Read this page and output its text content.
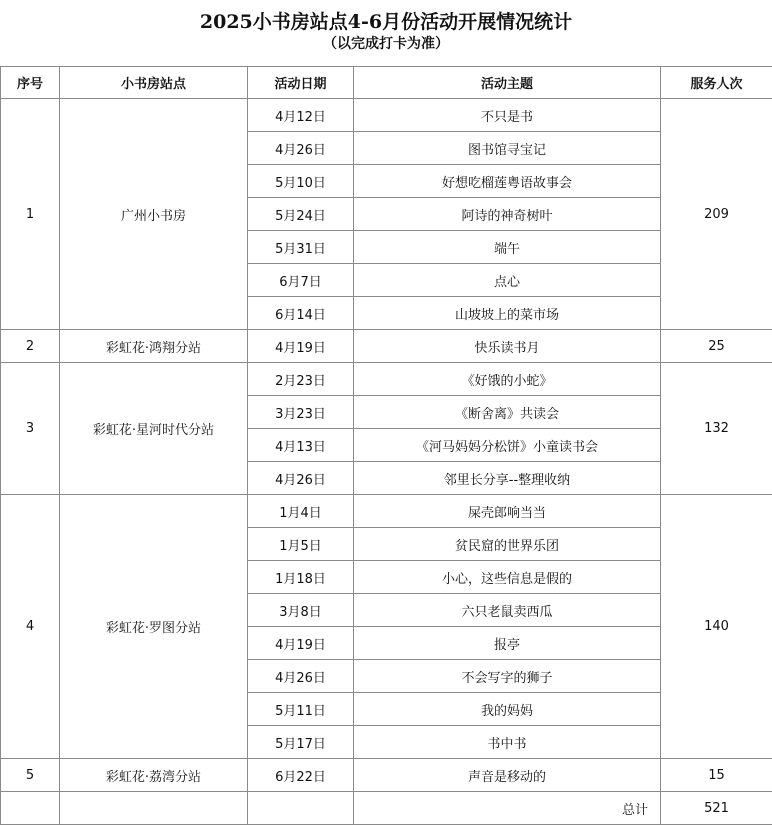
2025小书房站点4-6月份活动开展情况统计
（以完成打卡为准）
序号	小书房站点	活动日期	活动主题	服务人次
1	广州小书房	4月12日	不只是书	209
		4月26日	图书馆寻宝记	
		5月10日	好想吃榴莲粤语故事会	
		5月24日	阿诗的神奇树叶	
		5月31日	端午	
		6月7日	点心	
		6月14日	山坡坡上的菜市场	
2	彩虹花·鸿翔分站	4月19日	快乐读书月	25
3	彩虹花·星河时代分站	2月23日	《好饿的小蛇》	132
		3月23日	《断舍离》共读会	
		4月13日	《河马妈妈分松饼》小童读书会	
		4月26日	邻里长分享--整理收纳	
4	彩虹花·罗图分站	1月4日	屎壳郎响当当	140
		1月5日	贫民窟的世界乐团	
		1月18日	小心，这些信息是假的	
		3月8日	六只老鼠卖西瓜	
		4月19日	报亭	
		4月26日	不会写字的狮子	
		5月11日	我的妈妈	
		5月17日	书中书	
5	彩虹花·荔湾分站	6月22日	声音是移动的	15
			总计	521
